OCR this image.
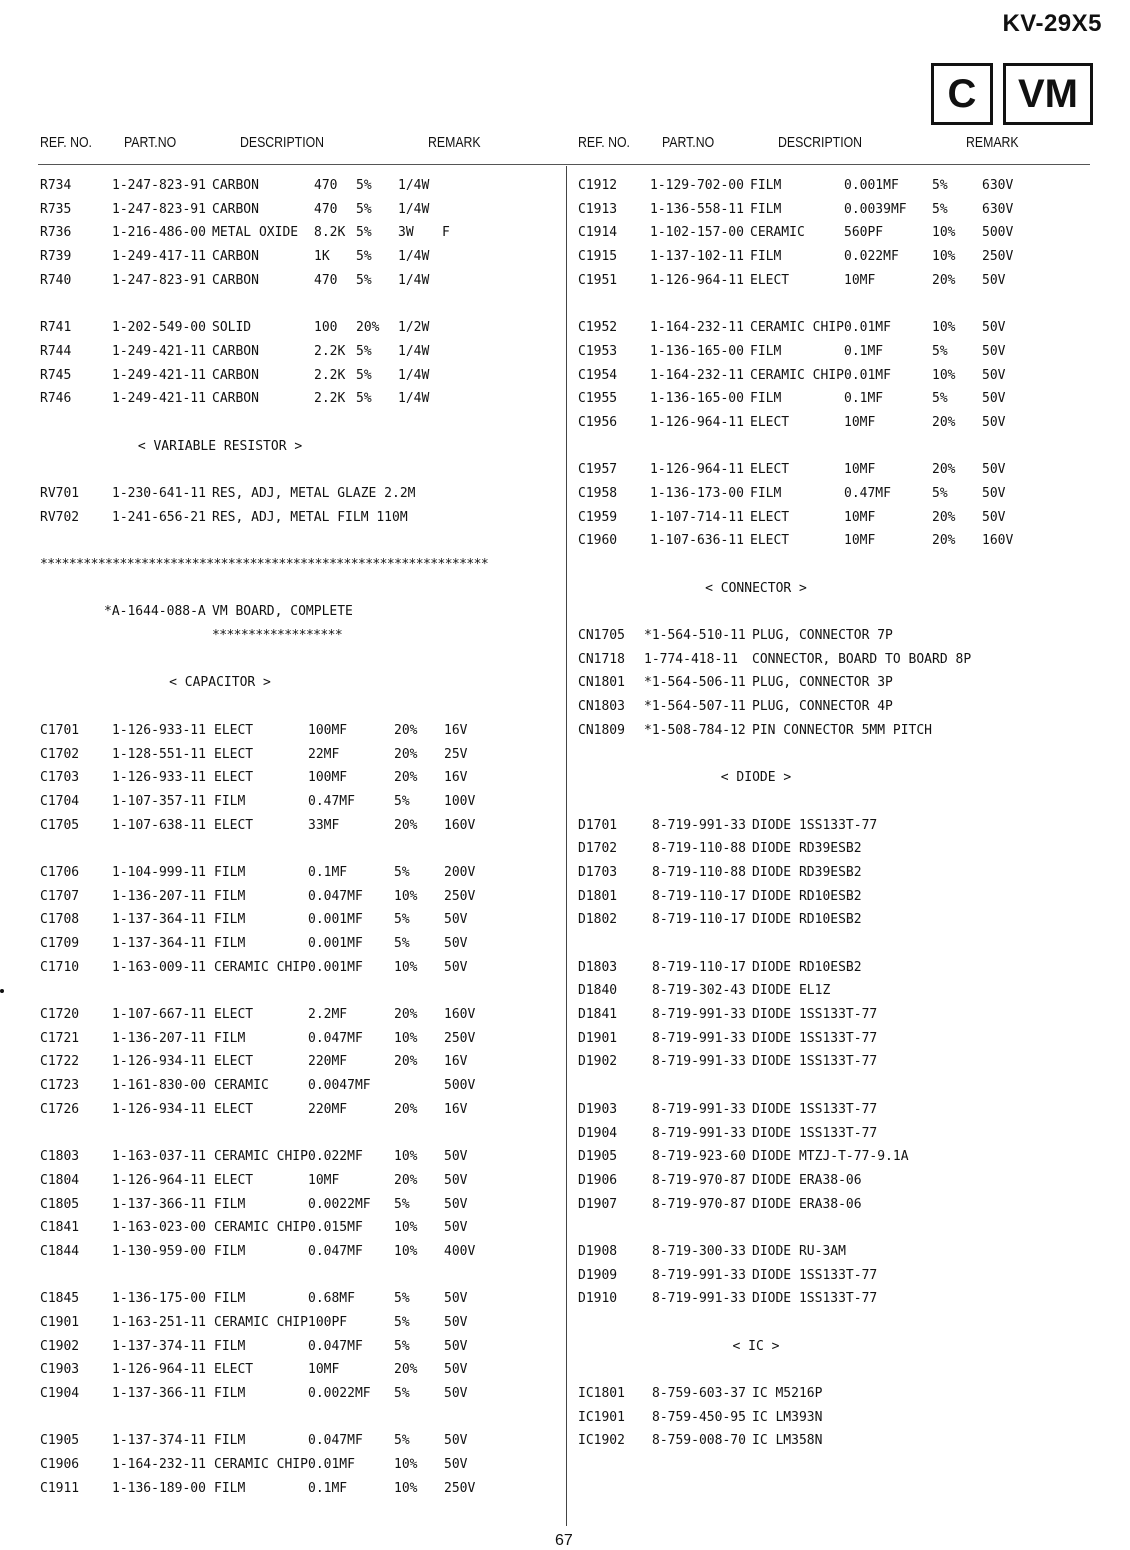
KV-29X5
C	VM
REF. NO. PART.NO	DESCRIPTION	REMARK	REF. NO. PART.NO	DESCRIPTION	REMARK
R734	1-247-823-91 CARBON	470 5% 1/4W
R735	1-247-823-91 CARBON	470 5% 1/4W
R736	1-216-486-00 METAL OXIDE 8.2K 5% 3W F
R739	1-249-417-11 CARBON	1K 5% 1/4W
R740	1-247-823-91 CARBON	470 5% 1/4W
R741	1-202-549-00 SOLID	100 20% 1/2W
R744	1-249-421-11 CARBON	2.2K 5% 1/4W
R745	1-249-421-11 CARBON	2.2K 5% 1/4W
R746	1-249-421-11 CARBON	2.2K 5% 1/4W
< VARIABLE RESISTOR >
RV701	1-230-641-11 RES, ADJ, METAL GLAZE 2.2M
RV702	1-241-656-21 RES, ADJ, METAL FILM 110M
**************************************************************
*A-1644-088-A VM BOARD, COMPLETE
******************
< CAPACITOR >
C1701	1-126-933-11 ELECT	100MF	20% 16V
C1702	1-128-551-11 ELECT	22MF	20% 25V
C1703	1-126-933-11 ELECT	100MF	20% 16V
C1704	1-107-357-11 FILM	0.47MF	5%	100V
C1705	1-107-638-11 ELECT	33MF	20% 160V
C1706	1-104-999-11 FILM	0.1MF	5%	200V
C1707	1-136-207-11 FILM	0.047MF 10% 250V
C1708	1-137-364-11 FILM	0.001MF 5%	50V
C1709	1-137-364-11 FILM	0.001MF 5%	50V
C1710	1-163-009-11 CERAMIC CHIP 0.001MF 10% 50V
C1720	1-107-667-11 ELECT	2.2MF	20% 160V
C1721	1-136-207-11 FILM	0.047MF 10% 250V
C1722	1-126-934-11 ELECT	220MF	20% 16V
C1723	1-161-830-00 CERAMIC	0.0047MF	500V
C1726	1-126-934-11 ELECT	220MF	20% 16V
C1803	1-163-037-11 CERAMIC CHIP 0.022MF 10% 50V
C1804	1-126-964-11 ELECT	10MF	20% 50V
C1805	1-137-366-11 FILM	0.0022MF 5%	50V
C1841	1-163-023-00 CERAMIC CHIP 0.015MF 10% 50V
C1844	1-130-959-00 FILM	0.047MF 10% 400V
C1845	1-136-175-00 FILM	0.68MF	5%	50V
C1901	1-163-251-11 CERAMIC CHIP 100PF	5%	50V
C1902	1-137-374-11 FILM	0.047MF 5%	50V
C1903	1-126-964-11 ELECT	10MF	20% 50V
C1904	1-137-366-11 FILM	0.0022MF 5%	50V
C1905	1-137-374-11 FILM	0.047MF 5%	50V
C1906	1-164-232-11 CERAMIC CHIP 0.01MF	10% 50V
C1911	1-136-189-00 FILM	0.1MF	10% 250V
C1912	1-129-702-00 FILM	0.001MF	5%	630V
C1913	1-136-558-11 FILM	0.0039MF 5%	630V
C1914	1-102-157-00 CERAMIC	560PF	10% 500V
C1915	1-137-102-11 FILM	0.022MF	10% 250V
C1951	1-126-964-11 ELECT	10MF	20% 50V
C1952	1-164-232-11 CERAMIC CHIP 0.01MF	10% 50V
C1953	1-136-165-00 FILM	0.1MF	5%	50V
C1954	1-164-232-11 CERAMIC CHIP 0.01MF	10% 50V
C1955	1-136-165-00 FILM	0.1MF	5%	50V
C1956	1-126-964-11 ELECT	10MF	20% 50V
C1957	1-126-964-11 ELECT	10MF	20% 50V
C1958	1-136-173-00 FILM	0.47MF	5%	50V
C1959	1-107-714-11 ELECT	10MF	20% 50V
C1960	1-107-636-11 ELECT	10MF	20% 160V
< CONNECTOR >
CN1705 *1-564-510-11 PLUG, CONNECTOR 7P
CN1718 1-774-418-11 CONNECTOR, BOARD TO BOARD 8P
CN1801 *1-564-506-11 PLUG, CONNECTOR 3P
CN1803 *1-564-507-11 PLUG, CONNECTOR 4P
CN1809 *1-508-784-12 PIN CONNECTOR 5MM PITCH
< DIODE >
D1701	8-719-991-33 DIODE 1SS133T-77
D1702	8-719-110-88 DIODE RD39ESB2
D1703	8-719-110-88 DIODE RD39ESB2
D1801	8-719-110-17 DIODE RD10ESB2
D1802	8-719-110-17 DIODE RD10ESB2
D1803	8-719-110-17 DIODE RD10ESB2
D1840	8-719-302-43 DIODE EL1Z
D1841	8-719-991-33 DIODE 1SS133T-77
D1901	8-719-991-33 DIODE 1SS133T-77
D1902	8-719-991-33 DIODE 1SS133T-77
D1903	8-719-991-33 DIODE 1SS133T-77
D1904	8-719-991-33 DIODE 1SS133T-77
D1905	8-719-923-60 DIODE MTZJ-T-77-9.1A
D1906	8-719-970-87 DIODE ERA38-06
D1907	8-719-970-87 DIODE ERA38-06
D1908	8-719-300-33 DIODE RU-3AM
D1909	8-719-991-33 DIODE 1SS133T-77
D1910	8-719-991-33 DIODE 1SS133T-77
< IC >
IC1801 8-759-603-37 IC M5216P
IC1901 8-759-450-95 IC LM393N
IC1902 8-759-008-70 IC LM358N
67
